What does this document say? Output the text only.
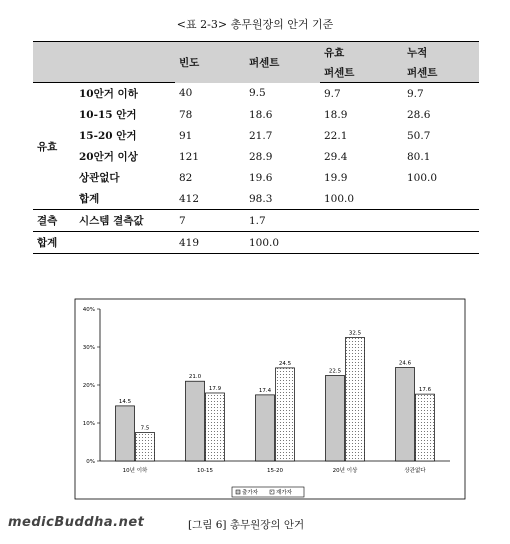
<표 2-3> 총무원장의 안거 기준
		빈도	퍼센트	유효	누적
				퍼센트	퍼센트
유효	10안거 이하	40	9.5	9.7	9.7
	10-15 안거	78	18.6	18.9	28.6
	15-20 안거	91	21.7	22.1	50.7
	20안거 이상	121	28.9	29.4	80.1
	상관없다	82	19.6	19.9	100.0
	합계	412	98.3	100.0	
결측	시스템 결측값	7	1.7		
합계		419	100.0		
0%
10%
20%
30%
40%
14.5
7.5
10년 이하
21.0
17.9
10-15
17.4
24.5
15-20
22.5
32.5
20년 이상
24.6
17.6
상관없다
출가자	재가자
medicBuddha.net	[그림 6] 총무원장의 안거
